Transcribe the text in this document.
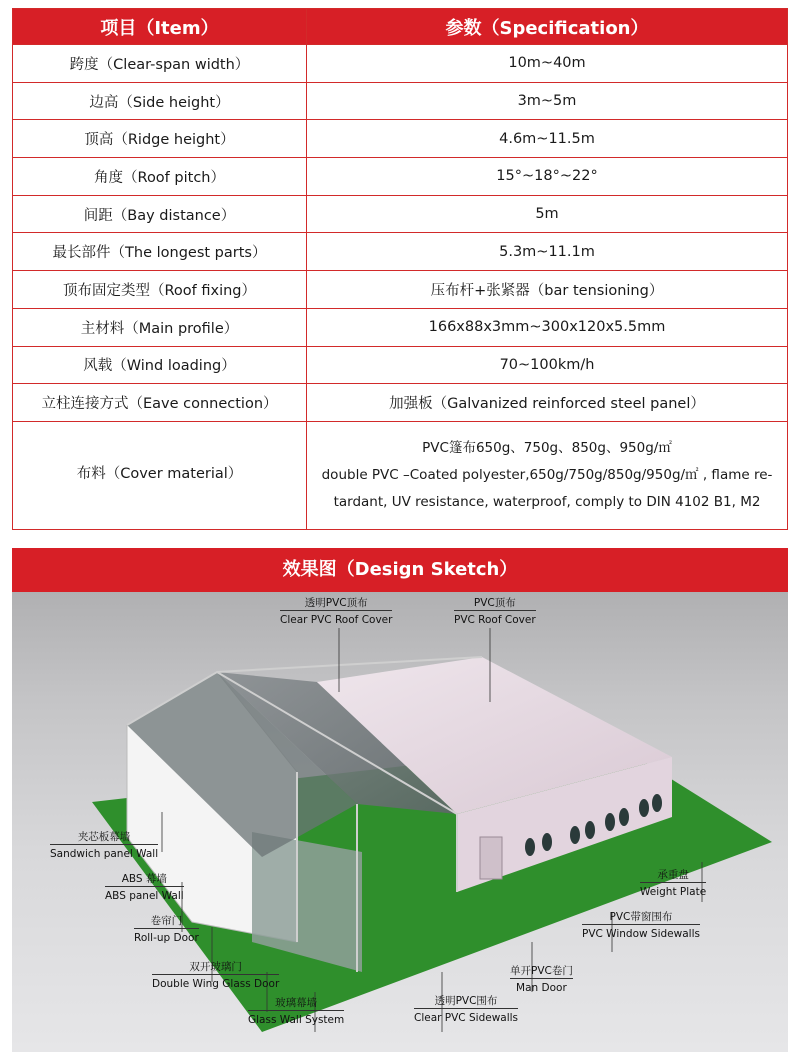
项目（Item）	参数（Specification）
跨度（Clear-span width）	10m~40m
边高（Side height）	3m~5m
顶高（Ridge height）	4.6m~11.5m
角度（Roof pitch）	15°~18°~22°
间距（Bay distance）	5m
最长部件（The longest parts）	5.3m~11.1m
顶布固定类型（Roof fixing）	压布杆+张紧器（bar tensioning）
主材料（Main profile）	166x88x3mm~300x120x5.5mm
风载（Wind loading）	70~100km/h
立柱连接方式（Eave connection）	加强板（Galvanized reinforced steel panel）
布料（Cover material）	PVC篷布650g、750g、850g、950g/㎡
double PVC –Coated polyester,650g/750g/850g/950g/㎡ , flame re-
tardant, UV resistance, waterproof, comply to DIN 4102 B1, M2
效果图（Design Sketch）
透明PVC顶布
Clear PVC Roof Cover
PVC顶布
PVC Roof Cover
夹芯板幕墙
Sandwich panel Wall
ABS 幕墙
ABS panel Wall
卷帘门
Roll-up Door
双开玻璃门
Double Wing Glass Door
玻璃幕墙
Glass Wall System
透明PVC围布
Clear PVC Sidewalls
单开PVC卷门
Man Door
PVC带窗围布
PVC Window Sidewalls
承重盘
Weight Plate
